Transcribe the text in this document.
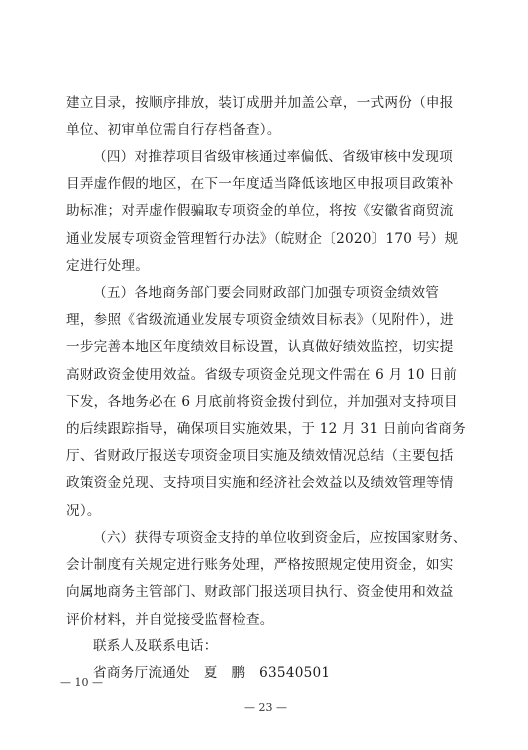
建立目录，按顺序排放，装订成册并加盖公章，一式两份（申报
单位、初审单位需自行存档备查）。

（四）对推荐项目省级审核通过率偏低、省级审核中发现项
目弄虚作假的地区，在下一年度适当降低该地区申报项目政策补
助标准；对弄虚作假骗取专项资金的单位，将按《安徽省商贸流
通业发展专项资金管理暂行办法》（皖财企〔2020〕170 号）规
定进行处理。

（五）各地商务部门要会同财政部门加强专项资金绩效管
理，参照《省级流通业发展专项资金绩效目标表》（见附件），进
一步完善本地区年度绩效目标设置，认真做好绩效监控，切实提
高财政资金使用效益。省级专项资金兑现文件需在 6 月 10 日前
下发，各地务必在 6 月底前将资金拨付到位，并加强对支持项目
的后续跟踪指导，确保项目实施效果，于 12 月 31 日前向省商务
厅、省财政厅报送专项资金项目实施及绩效情况总结（主要包括
政策资金兑现、支持项目实施和经济社会效益以及绩效管理等情
况）。

（六）获得专项资金支持的单位收到资金后，应按国家财务、
会计制度有关规定进行账务处理，严格按照规定使用资金，如实
向属地商务主管部门、财政部门报送项目执行、资金使用和效益
评价材料，并自觉接受监督检查。

联系人及联系电话：
省商务厅流通处　夏　鹏　63540501

— 10 —
— 23 —
